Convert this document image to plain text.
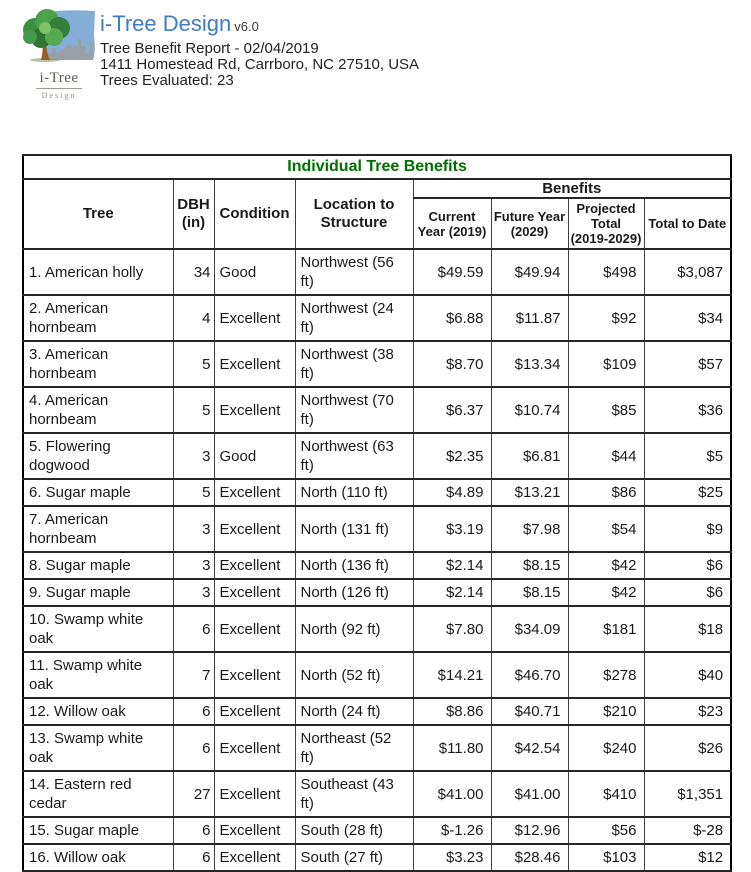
i-Tree
Design
i-Tree Design v6.0
Tree Benefit Report - 02/04/2019
1411 Homestead Rd, Carrboro, NC 27510, USA
Trees Evaluated: 23
Individual Tree Benefits							
Tree	DBH (in)	Condition	Location to Structure	Benefits			
				Current Year (2019)	Future Year (2029)	Projected Total (2019-2029)	Total to Date
1. American holly	34	Good	Northwest (56 ft)	$49.59	$49.94	$498	$3,087
2. American hornbeam	4	Excellent	Northwest (24 ft)	$6.88	$11.87	$92	$34
3. American hornbeam	5	Excellent	Northwest (38 ft)	$8.70	$13.34	$109	$57
4. American hornbeam	5	Excellent	Northwest (70 ft)	$6.37	$10.74	$85	$36
5. Flowering dogwood	3	Good	Northwest (63 ft)	$2.35	$6.81	$44	$5
6. Sugar maple	5	Excellent	North (110 ft)	$4.89	$13.21	$86	$25
7. American hornbeam	3	Excellent	North (131 ft)	$3.19	$7.98	$54	$9
8. Sugar maple	3	Excellent	North (136 ft)	$2.14	$8.15	$42	$6
9. Sugar maple	3	Excellent	North (126 ft)	$2.14	$8.15	$42	$6
10. Swamp white oak	6	Excellent	North (92 ft)	$7.80	$34.09	$181	$18
11. Swamp white oak	7	Excellent	North (52 ft)	$14.21	$46.70	$278	$40
12. Willow oak	6	Excellent	North (24 ft)	$8.86	$40.71	$210	$23
13. Swamp white oak	6	Excellent	Northeast (52 ft)	$11.80	$42.54	$240	$26
14. Eastern red cedar	27	Excellent	Southeast (43 ft)	$41.00	$41.00	$410	$1,351
15. Sugar maple	6	Excellent	South (28 ft)	$-1.26	$12.96	$56	$-28
16. Willow oak	6	Excellent	South (27 ft)	$3.23	$28.46	$103	$12
